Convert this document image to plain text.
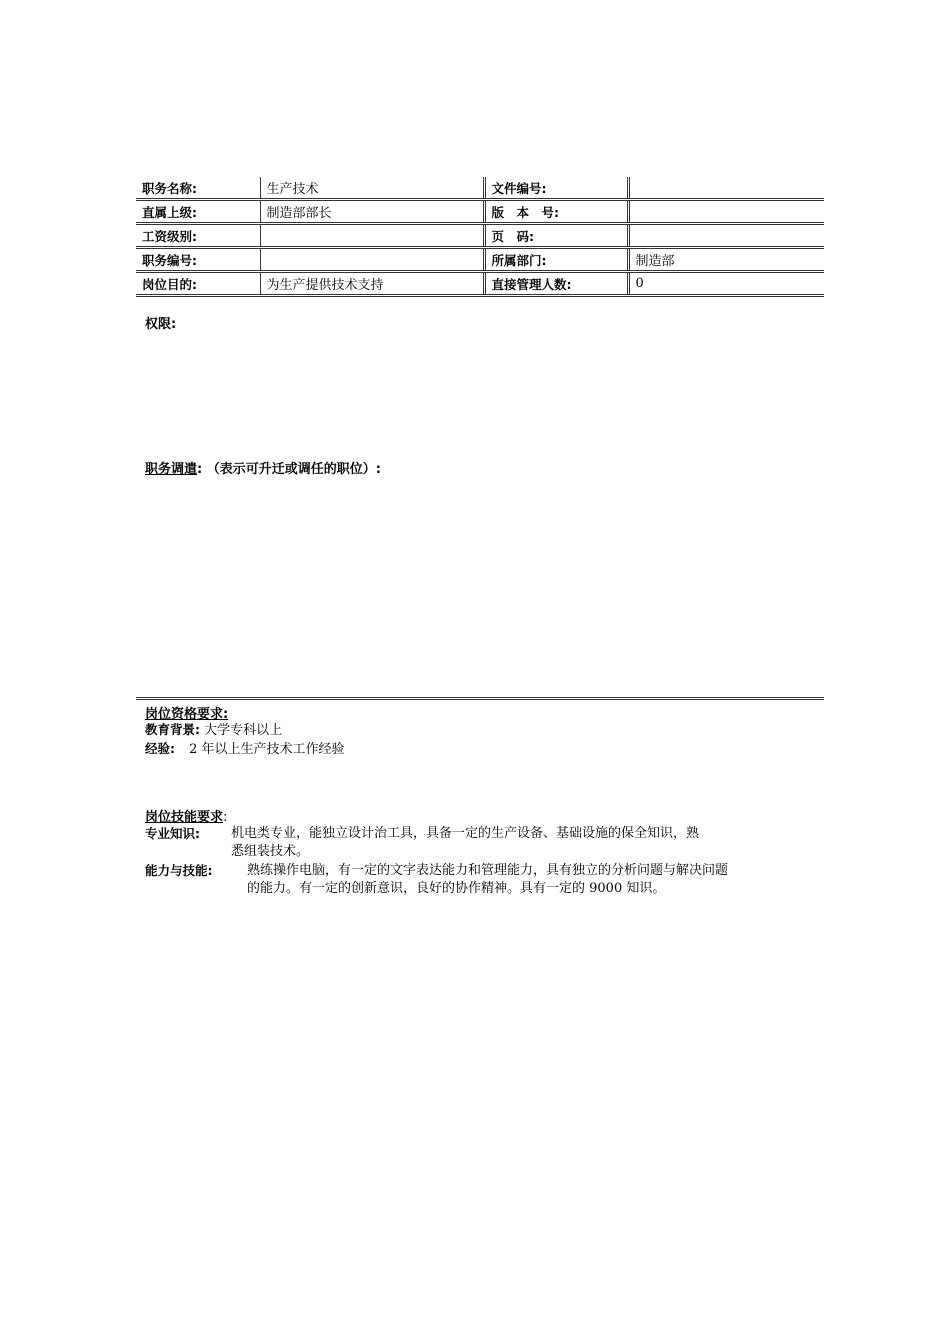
职务名称:	生产技术	文件编号:	
直属上级:	制造部部长	版　本　号:	
工资级别:		页　码:	
职务编号:		所属部门:	制造部
岗位目的:	为生产提供技术支持	直接管理人数:	0
权限:
职务调遣: （表示可升迁或调任的职位）:
岗位资格要求:
教育背景: 大学专科以上
经验: 2 年以上生产技术工作经验
岗位技能要求:
专业知识: 机电类专业，能独立设计治工具，具备一定的生产设备、基础设施的保全知识，熟
悉组装技术。
能力与技能:	熟练操作电脑，有一定的文字表达能力和管理能力，具有独立的分析问题与解决问题
的能力。有一定的创新意识，良好的协作精神。具有一定的 9000 知识。
